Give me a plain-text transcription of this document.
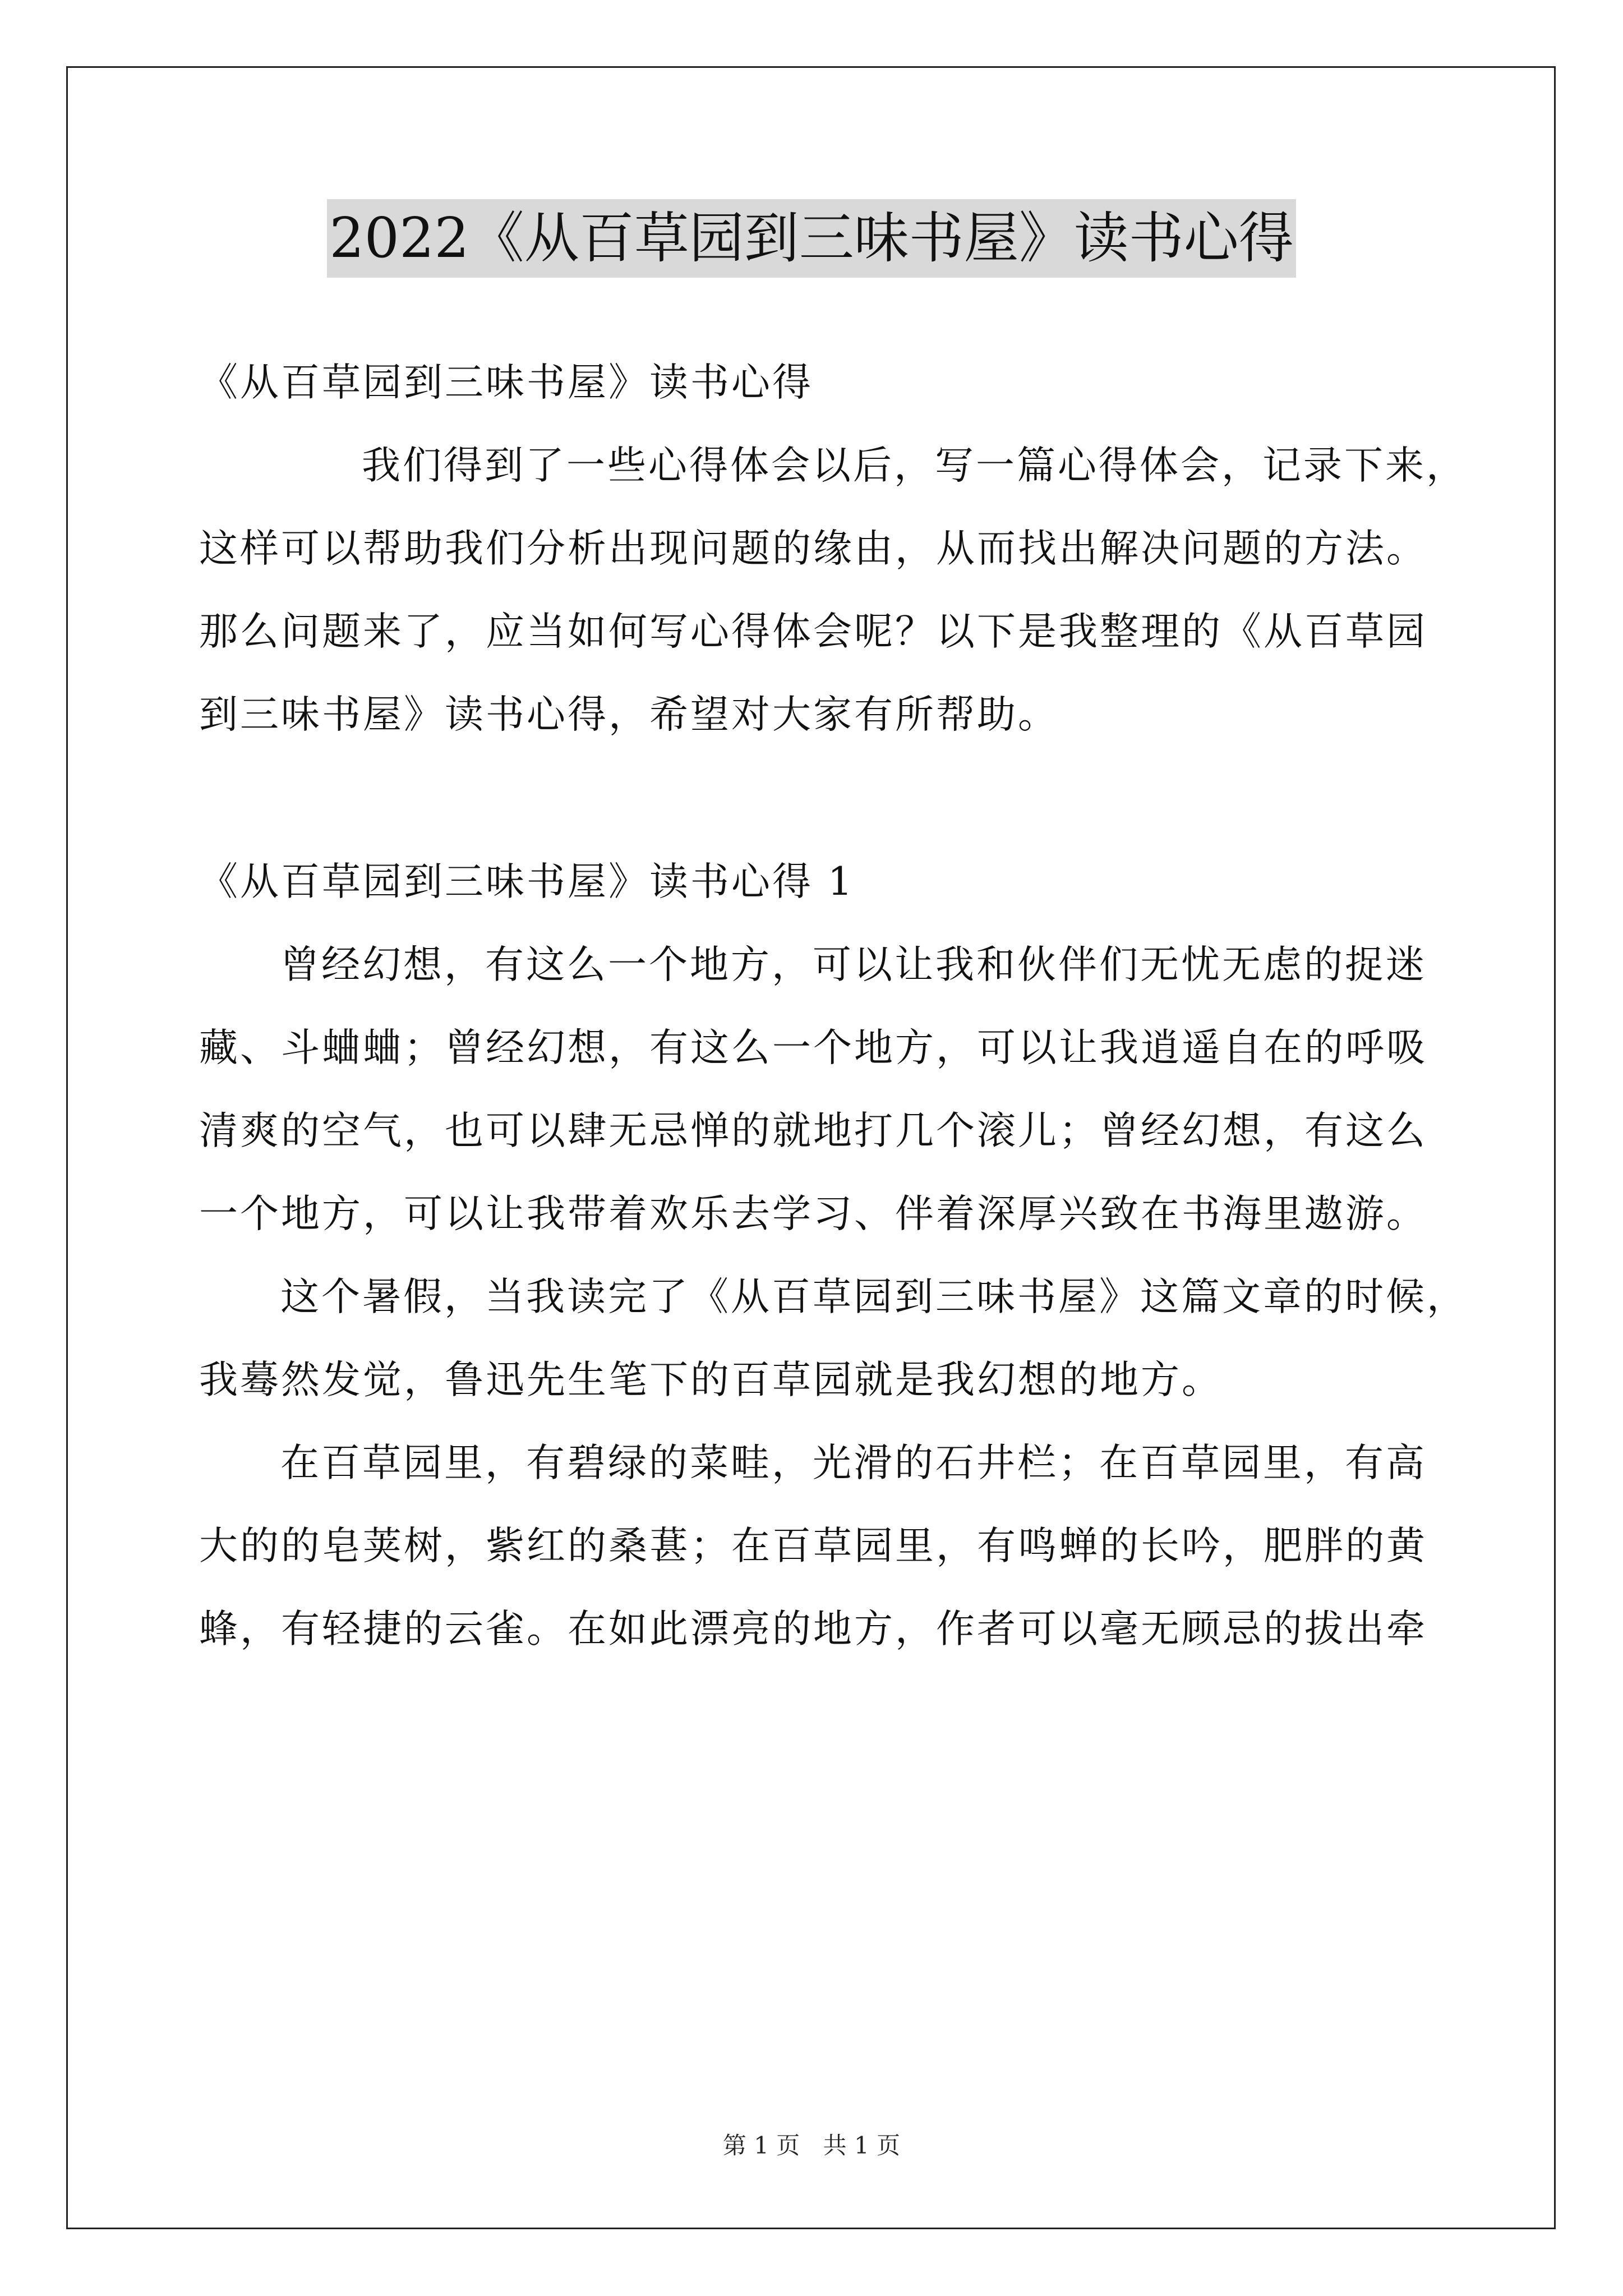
2022《从百草园到三味书屋》读书心得
《从百草园到三味书屋》读书心得
我们得到了一些心得体会以后，写一篇心得体会，记录下来，
这样可以帮助我们分析出现问题的缘由，从而找出解决问题的方法。
那么问题来了，应当如何写心得体会呢？以下是我整理的《从百草园
到三味书屋》读书心得，希望对大家有所帮助。
《从百草园到三味书屋》读书心得 1
曾经幻想，有这么一个地方，可以让我和伙伴们无忧无虑的捉迷
藏、斗蛐蛐；曾经幻想，有这么一个地方，可以让我逍遥自在的呼吸
清爽的空气，也可以肆无忌惮的就地打几个滚儿；曾经幻想，有这么
一个地方，可以让我带着欢乐去学习、伴着深厚兴致在书海里遨游。
这个暑假，当我读完了《从百草园到三味书屋》这篇文章的时候，
我蓦然发觉，鲁迅先生笔下的百草园就是我幻想的地方。
在百草园里，有碧绿的菜畦，光滑的石井栏；在百草园里，有高
大的的皂荚树，紫红的桑葚；在百草园里，有鸣蝉的长吟，肥胖的黄
蜂，有轻捷的云雀。在如此漂亮的地方，作者可以毫无顾忌的拔出牵
第 1 页 共 1 页
